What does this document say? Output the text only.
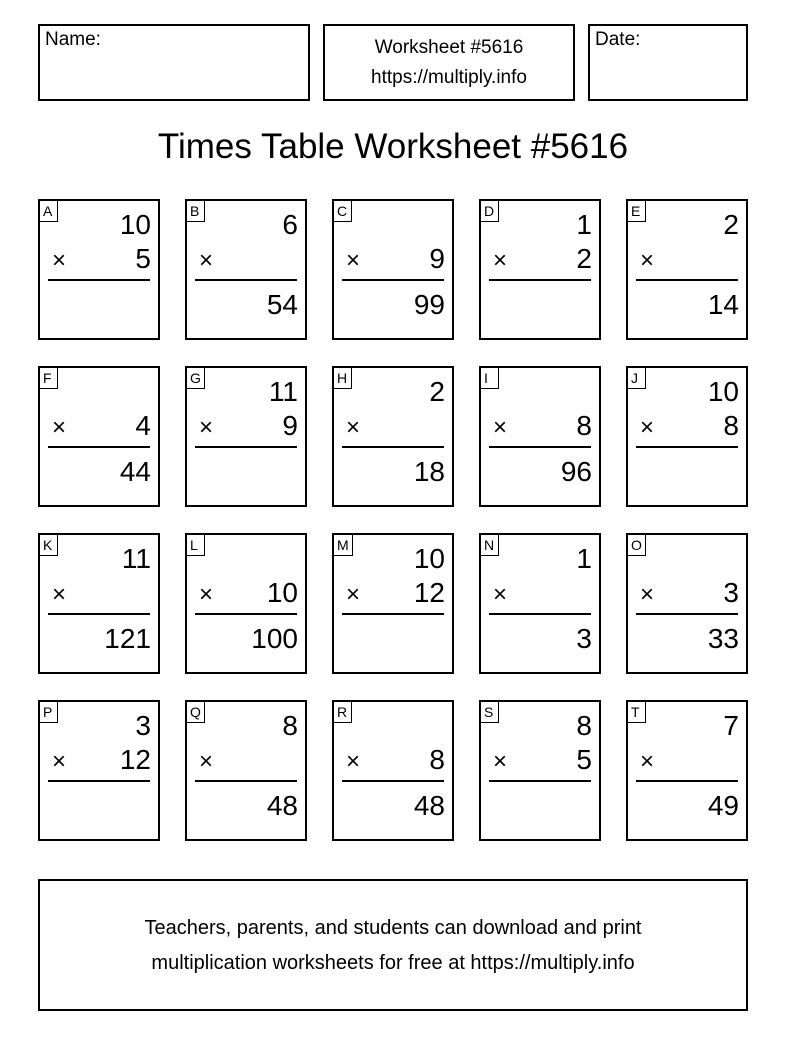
Name:	Worksheet #5616
https://multiply.info
Date:
Times Table Worksheet #5616
A 10
× 5
B	6
×
54
C
× 9
99
D	1
× 2
E	2
×
14
F
× 4
44
G 11
× 9
H	2
×
18
I
× 8
96
J 10
× 8
K 11
×
121
L
× 10
100
M 10
× 12
N	1
×
3
O
× 3
33
P	3
× 12
Q	8
×
48
R
× 8
48
S	8
× 5
T	7
×
49
Teachers, parents, and students can download and print
multiplication worksheets for free at https://multiply.info
